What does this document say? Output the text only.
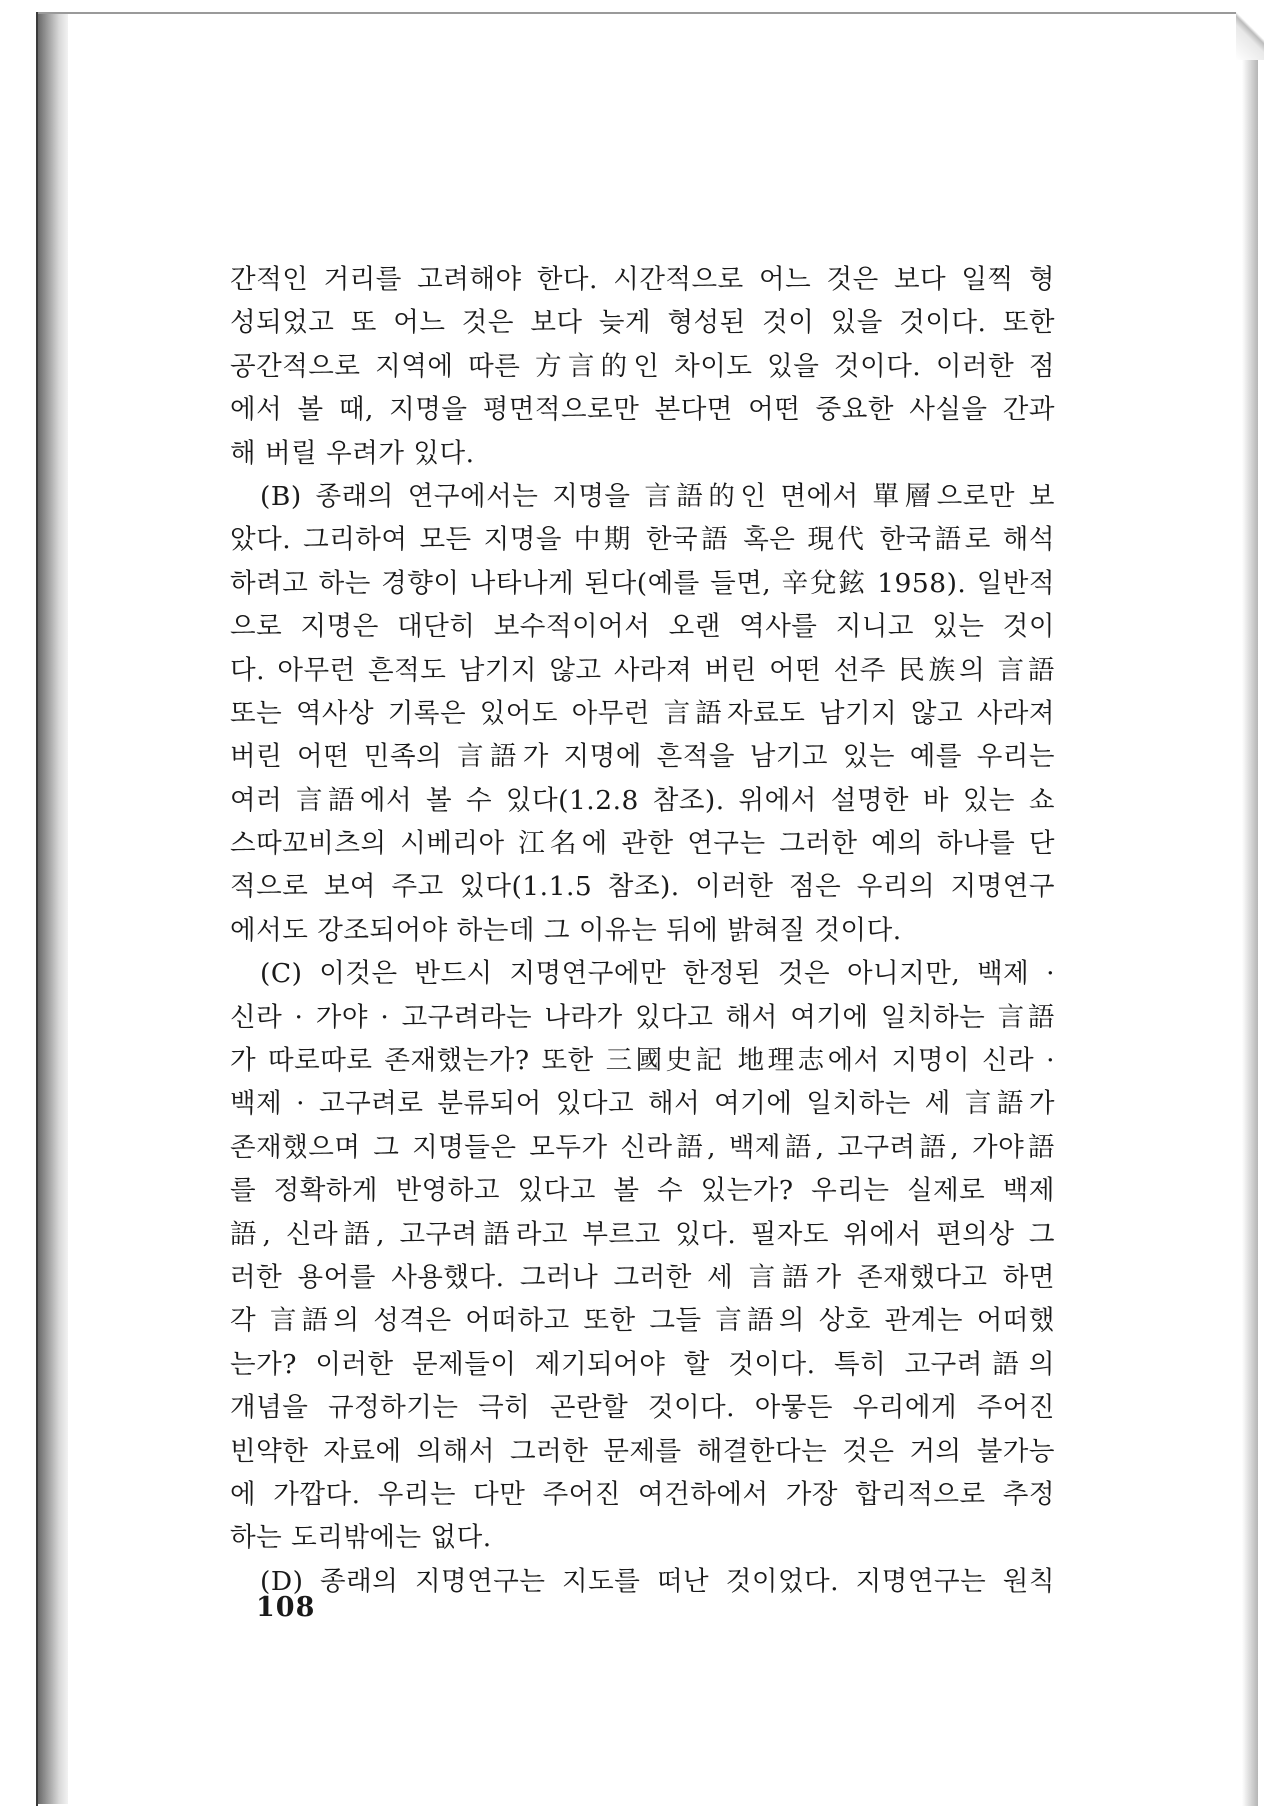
간적인 거리를 고려해야 한다. 시간적으로 어느 것은 보다 일찍 형
성되었고 또 어느 것은 보다 늦게 형성된 것이 있을 것이다. 또한
공간적으로 지역에 따른 方言的인 차이도 있을 것이다. 이러한 점
에서 볼 때, 지명을 평면적으로만 본다면 어떤 중요한 사실을 간과
해 버릴 우려가 있다.
(B) 종래의 연구에서는 지명을 言語的인 면에서 單層으로만 보
았다. 그리하여 모든 지명을 中期 한국語 혹은 現代 한국語로 해석
하려고 하는 경향이 나타나게 된다(예를 들면, 辛兌鉉 1958). 일반적
으로 지명은 대단히 보수적이어서 오랜 역사를 지니고 있는 것이
다. 아무런 흔적도 남기지 않고 사라져 버린 어떤 선주 民族의 言語
또는 역사상 기록은 있어도 아무런 言語자료도 남기지 않고 사라져
버린 어떤 민족의 言語가 지명에 흔적을 남기고 있는 예를 우리는
여러 言語에서 볼 수 있다(1.2.8 참조). 위에서 설명한 바 있는 쇼
스따꼬비츠의 시베리아 江名에 관한 연구는 그러한 예의 하나를 단
적으로 보여 주고 있다(1.1.5 참조). 이러한 점은 우리의 지명연구
에서도 강조되어야 하는데 그 이유는 뒤에 밝혀질 것이다.
(C) 이것은 반드시 지명연구에만 한정된 것은 아니지만, 백제 ·
신라 · 가야 · 고구려라는 나라가 있다고 해서 여기에 일치하는 言語
가 따로따로 존재했는가? 또한 三國史記 地理志에서 지명이 신라 ·
백제 · 고구려로 분류되어 있다고 해서 여기에 일치하는 세 言語가
존재했으며 그 지명들은 모두가 신라語, 백제語, 고구려語, 가야語
를 정확하게 반영하고 있다고 볼 수 있는가? 우리는 실제로 백제
語, 신라語, 고구려語라고 부르고 있다. 필자도 위에서 편의상 그
러한 용어를 사용했다. 그러나 그러한 세 言語가 존재했다고 하면
각 言語의 성격은 어떠하고 또한 그들 言語의 상호 관계는 어떠했
는가? 이러한 문제들이 제기되어야 할 것이다. 특히 고구려語의
개념을 규정하기는 극히 곤란할 것이다. 아뭏든 우리에게 주어진
빈약한 자료에 의해서 그러한 문제를 해결한다는 것은 거의 불가능
에 가깝다. 우리는 다만 주어진 여건하에서 가장 합리적으로 추정
하는 도리밖에는 없다.
(D) 종래의 지명연구는 지도를 떠난 것이었다. 지명연구는 원칙
108
